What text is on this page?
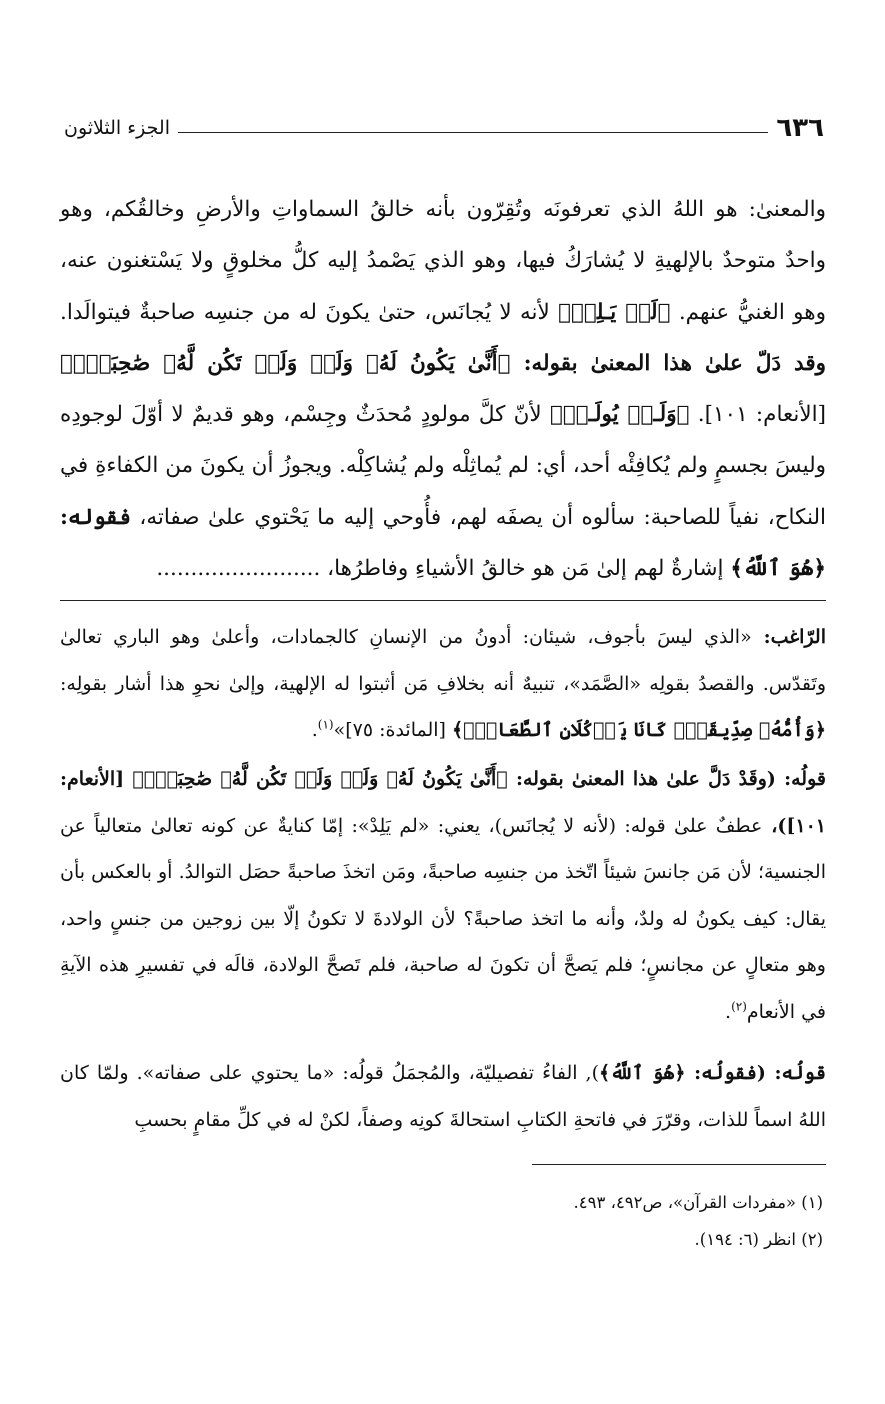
٦٣٦
الجزء الثلاثون

والمعنىٰ: هو اللهُ الذي تعرفونَه وتُقِرّون بأنه خالقُ السماواتِ والأرضِ وخالقُكم، وهو واحدٌ متوحدٌ بالإلهيةِ لا يُشارَكُ فيها، وهو الذي يَصْمدُ إليه كلُّ مخلوقٍ ولا يَسْتغنون عنه، وهو الغنيُّ عنهم. ﴿لَمۡ يَـلِدۡ﴾ لأنه لا يُجانَس، حتىٰ يكونَ له من جنسِه صاحبةٌ فيتوالَدا. وقد دَلّ علىٰ هذا المعنىٰ بقوله: ﴿أَنَّىٰ يَكُونُ لَهُۥ وَلَدٞ وَلَمۡ تَكُن لَّهُۥ صَٰحِبَةٞۖ﴾ [الأنعام: ١٠١]. ﴿وَلَـمۡ يُولَـدۡ﴾ لأنّ كلَّ مولودٍ مُحدَثٌ وجِسْم، وهو قديمٌ لا أوّلَ لوجودِه وليسَ بجسمٍ ولم يُكافِئْه أحد، أي: لم يُماثِلْه ولم يُشاكِلْه. ويجوزُ أن يكونَ من الكفاءةِ في النكاح، نفياً للصاحبة: سألوه أن يصفَه لهم، فأُوحي إليه ما يَحْتوي علىٰ صفاته، فقوله: ﴿هُوَ ٱللَّهُ﴾ إشارةٌ لهم إلىٰ مَن هو خالقُ الأشياءِ وفاطرُها، ........................

الرّاغب: «الذي ليسَ بأجوف، شيئان: أدونُ من الإنسانِ كالجمادات، وأعلىٰ وهو الباري تعالىٰ وتَقدّس. والقصدُ بقولِه «الصَّمَد»، تنبيهٌ أنه بخلافِ مَن أثبتوا له الإلهية، وإلىٰ نحوِ هذا أشار بقولِه: ﴿وَأُمُّهُۥ صِدِّيقَةٞۖ كَانَا يَأۡكُلَانِ ٱلطَّعَامَۗ﴾ [المائدة: ٧٥]»$^{(١)}$.

قولُه: (وقَدْ دَلَّ علىٰ هذا المعنىٰ بقوله: ﴿أَنَّىٰ يَكُونُ لَهُۥ وَلَدٞ وَلَمۡ تَكُن لَّهُۥ صَٰحِبَةٞۖ﴾ [الأنعام: ١٠١])، عطفٌ علىٰ قوله: (لأنه لا يُجانَس)، يعني: «لم يَلِدْ»: إمّا كنايةٌ عن كونه تعالىٰ متعالياً عن الجنسية؛ لأن مَن جانسَ شيئاً اتّخذ من جنسِه صاحبةً، ومَن اتخذَ صاحبةً حصَل التوالدُ. أو بالعكس بأن يقال: كيف يكونُ له ولدٌ، وأنه ما اتخذ صاحبةً؟ لأن الولادةَ لا تكونُ إلّا بين زوجين من جنسٍ واحد، وهو متعالٍ عن مجانسٍ؛ فلم يَصحَّ أن تكونَ له صاحبة، فلم تَصحَّ الولادة، قالَه في تفسيرِ هذه الآيةِ في الأنعام$^{(٢)}$.

قولُه: (فقولُه: ﴿هُوَ ٱللَّهُ﴾), الفاءُ تفصيليّة، والمُجمَلُ قولُه: «ما يحتوي على صفاته». ولمّا كان اللهُ اسماً للذات، وقرّرَ في فاتحةِ الكتابِ استحالةَ كونِه وصفاً، لكنْ له في كلِّ مقامٍ بحسبِ

(١) «مفردات القرآن»، ص٤٩٢، ٤٩٣.

(٢) انظر (٦: ١٩٤).
